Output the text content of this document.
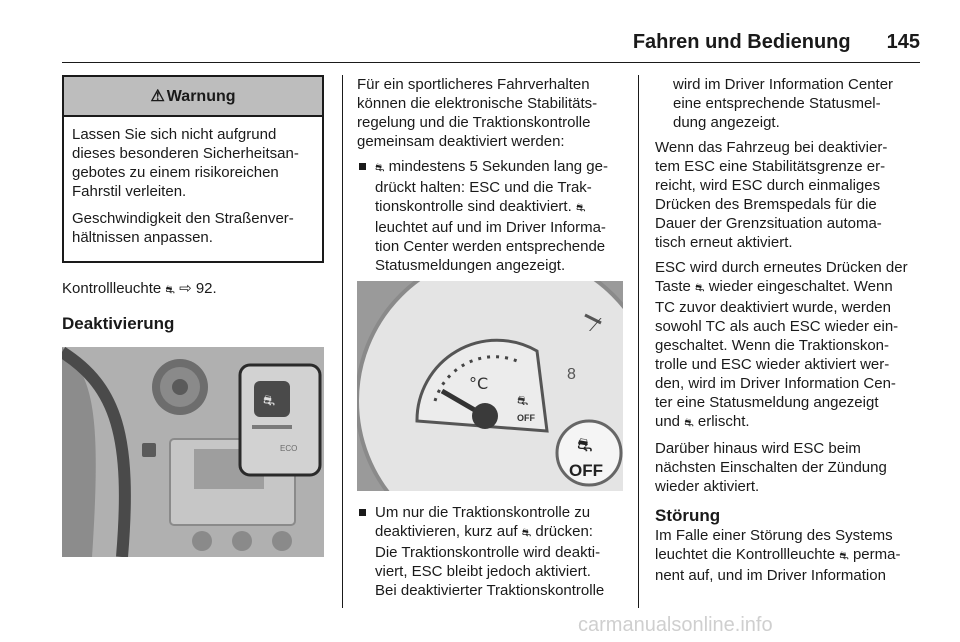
Fahren und Bedienung 145
⚠ Warnung

Lassen Sie sich nicht aufgrund
dieses besonderen Sicherheitsan-
gebotes zu einem risikoreichen
Fahrstil verleiten.

Geschwindigkeit den Straßenver-
hältnissen anpassen.

Kontrollleuchte ⛐ ⇨ 92.

Deaktivierung
⛐
ECO

Für ein sportlicheres Fahrverhalten
können die elektronische Stabilitäts-
regelung und die Traktionskontrolle
gemeinsam deaktiviert werden:

⛐ mindestens 5 Sekunden lang ge-
drückt halten: ESC und die Trak-
tionskontrolle sind deaktiviert. ⛐
leuchtet auf und im Driver Informa-
tion Center werden entsprechende
Statusmeldungen angezeigt.
⟋
8
°C
⛐
OFF
⛐
OFF
Um nur die Traktionskontrolle zu
deaktivieren, kurz auf ⛐ drücken:
Die Traktionskontrolle wird deakti-
viert, ESC bleibt jedoch aktiviert.
Bei deaktivierter Traktionskontrolle

wird im Driver Information Center
eine entsprechende Statusmel-
dung angezeigt.

Wenn das Fahrzeug bei deaktivier-
tem ESC eine Stabilitätsgrenze er-
reicht, wird ESC durch einmaliges
Drücken des Bremspedals für die
Dauer der Grenzsituation automa-
tisch erneut aktiviert.

ESC wird durch erneutes Drücken der
Taste ⛐ wieder eingeschaltet. Wenn
TC zuvor deaktiviert wurde, werden
sowohl TC als auch ESC wieder ein-
geschaltet. Wenn die Traktionskon-
trolle und ESC wieder aktiviert wer-
den, wird im Driver Information Cen-
ter eine Statusmeldung angezeigt
und ⛐ erlischt.

Darüber hinaus wird ESC beim
nächsten Einschalten der Zündung
wieder aktiviert.

Störung

Im Falle einer Störung des Systems
leuchtet die Kontrollleuchte ⛐ perma-
nent auf, und im Driver Information

carmanualsonline.info
